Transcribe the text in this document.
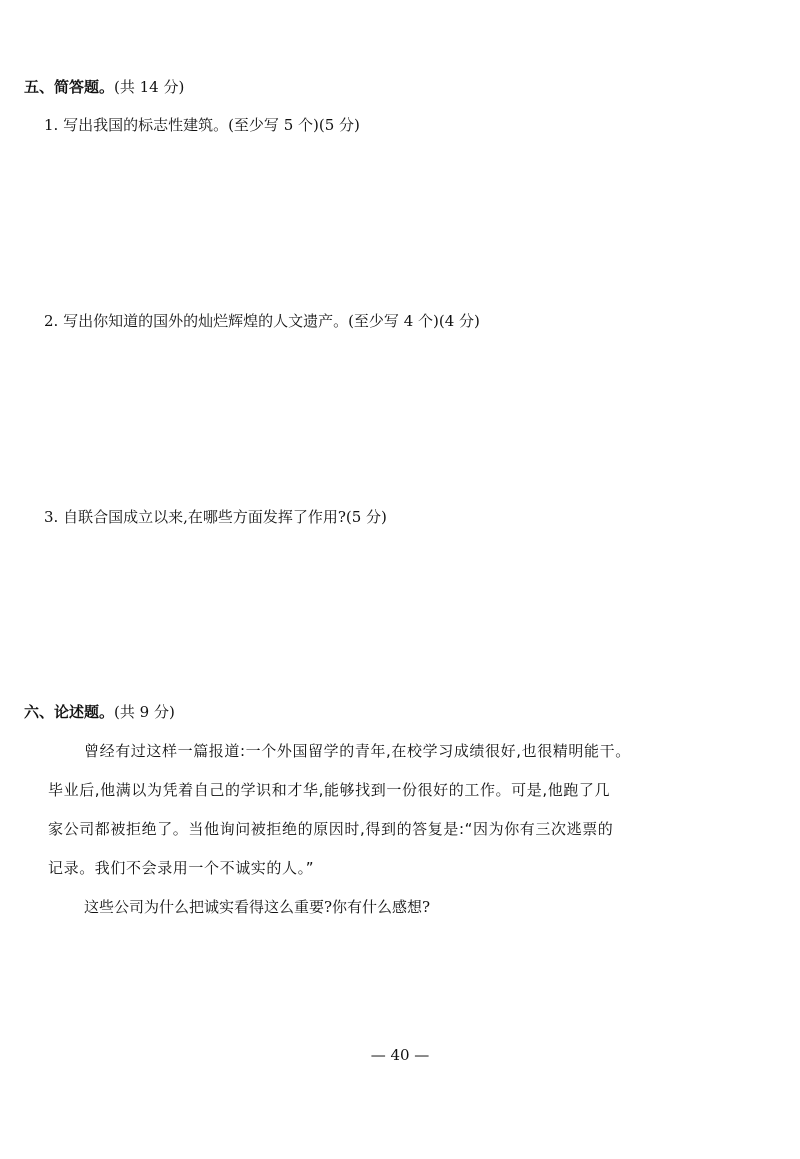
五、简答题。(共 14 分)
1. 写出我国的标志性建筑。(至少写 5 个)(5 分)
2. 写出你知道的国外的灿烂辉煌的人文遗产。(至少写 4 个)(4 分)
3. 自联合国成立以来,在哪些方面发挥了作用?(5 分)
六、论述题。(共 9 分)
曾经有过这样一篇报道:一个外国留学的青年,在校学习成绩很好,也很精明能干。
毕业后,他满以为凭着自己的学识和才华,能够找到一份很好的工作。可是,他跑了几
家公司都被拒绝了。当他询问被拒绝的原因时,得到的答复是:“因为你有三次逃票的
记录。我们不会录用一个不诚实的人。”
这些公司为什么把诚实看得这么重要?你有什么感想?
— 40 —
